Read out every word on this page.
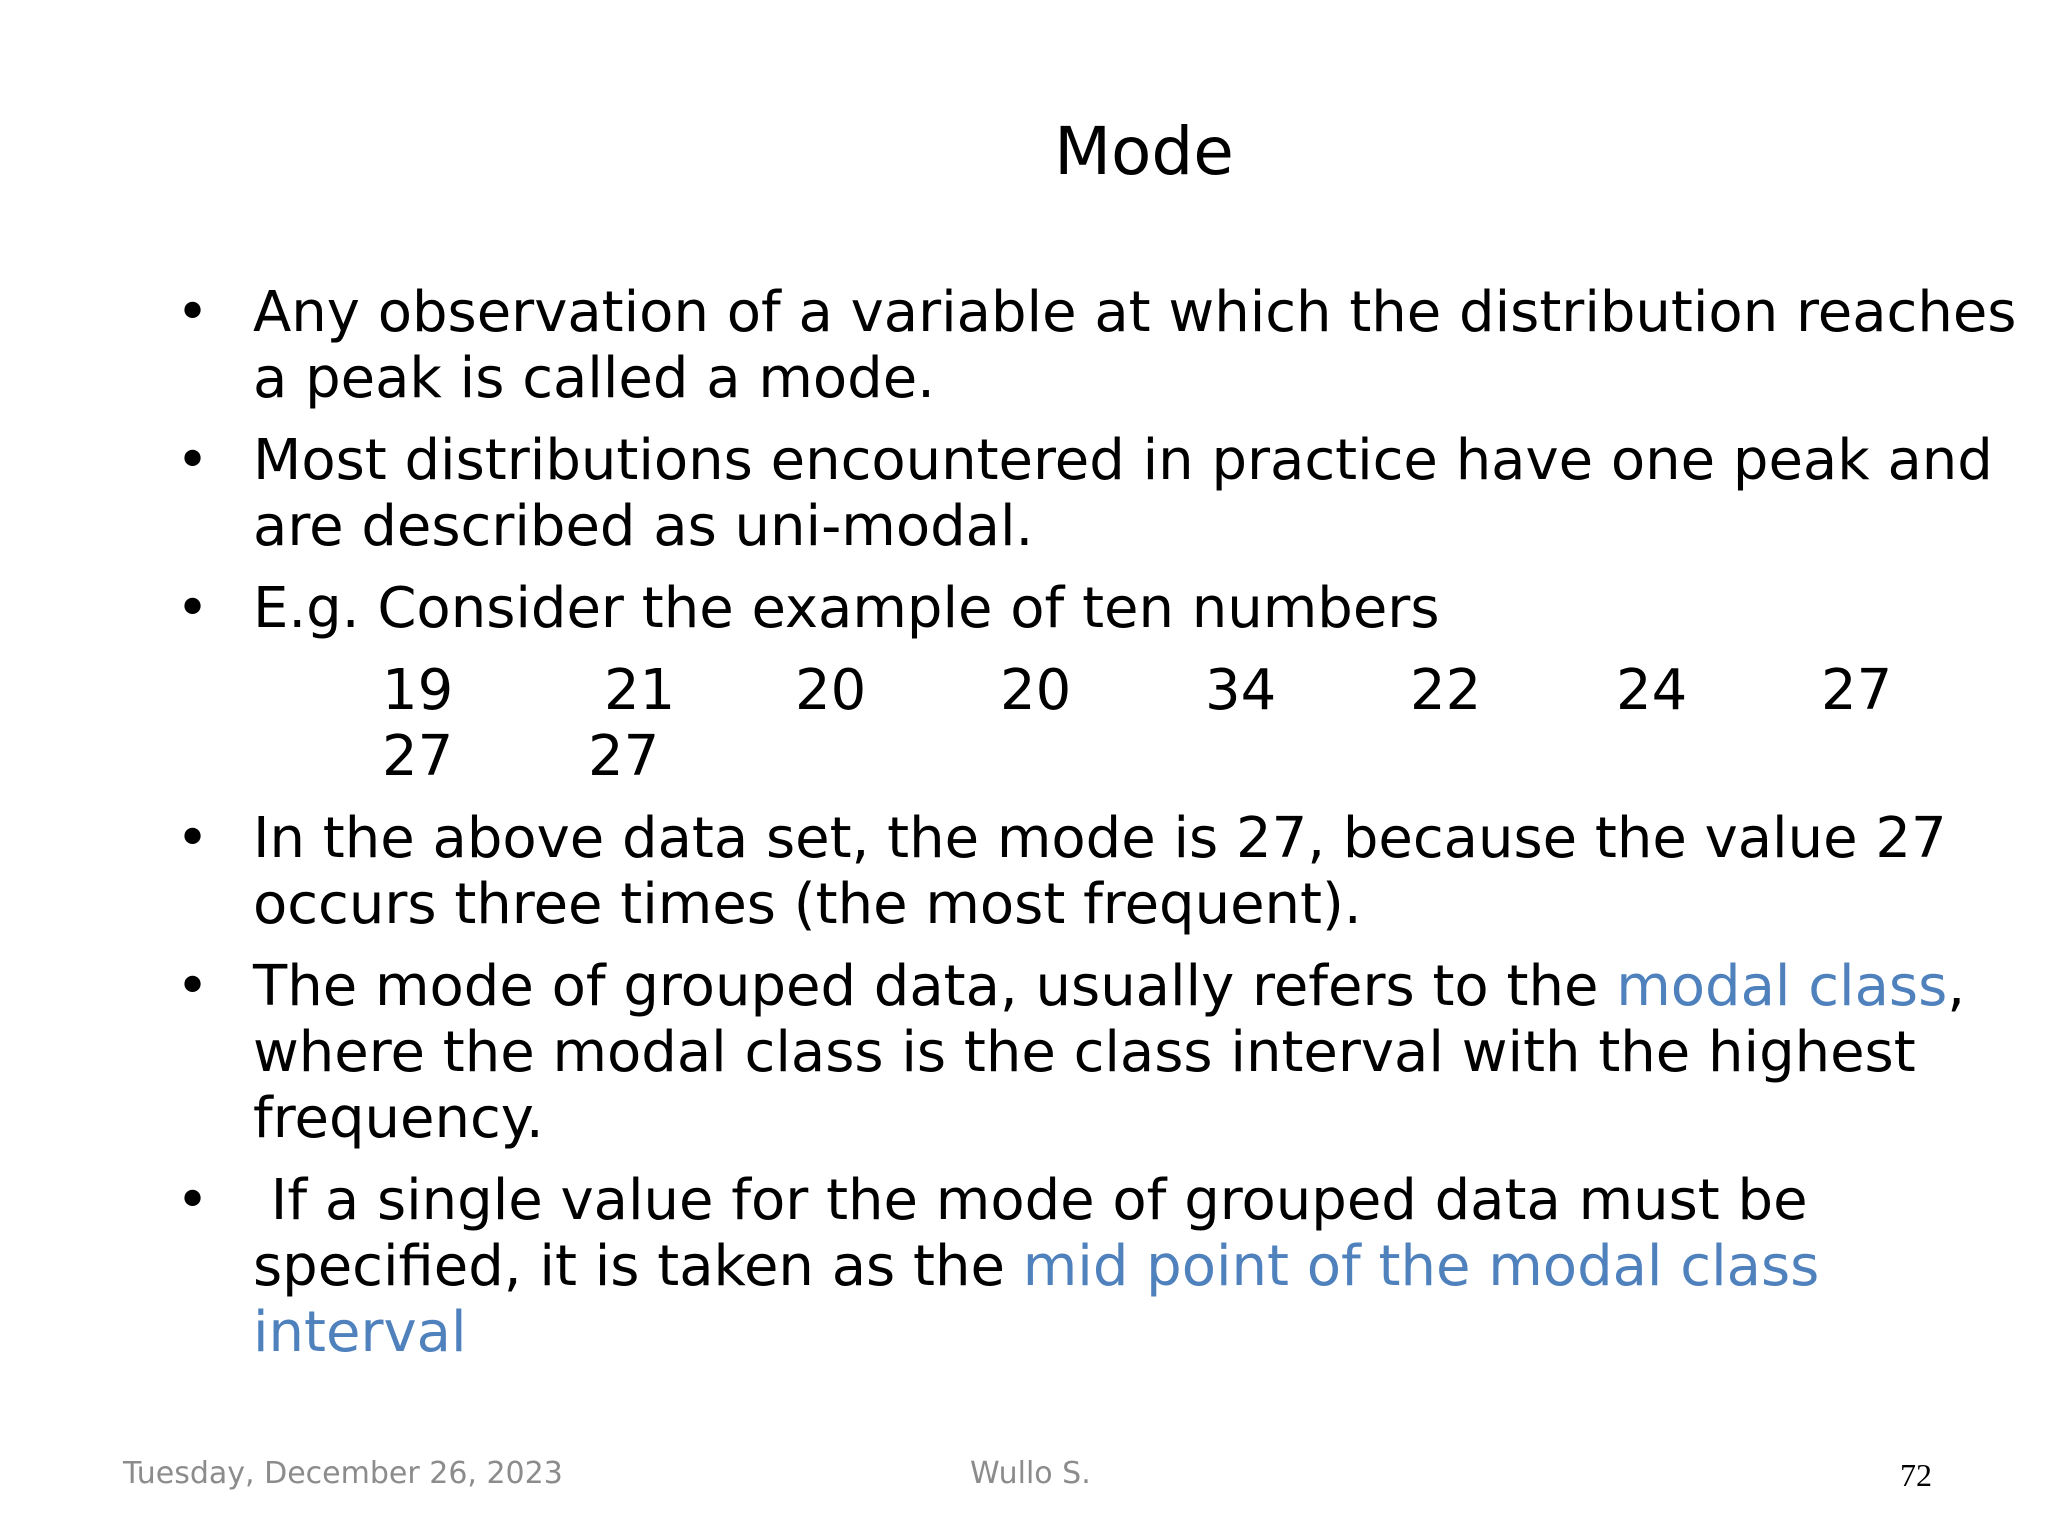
Mode
• Any observation of a variable at which the distribution reaches
a peak is called a mode.
• Most distributions encountered in practice have one peak and
are described as uni-modal.
• E.g. Consider the example of ten numbers
19	21 20 20 34 22 24 27
27 27
• In the above data set, the mode is 27, because the value 27
occurs three times (the most frequent).
• The mode of grouped data, usually refers to the modal class,
where the modal class is the class interval with the highest
frequency.
• If a single value for the mode of grouped data must be
specified, it is taken as the mid point of the modal class
interval
Tuesday, December 26, 2023	Wullo S.	72
